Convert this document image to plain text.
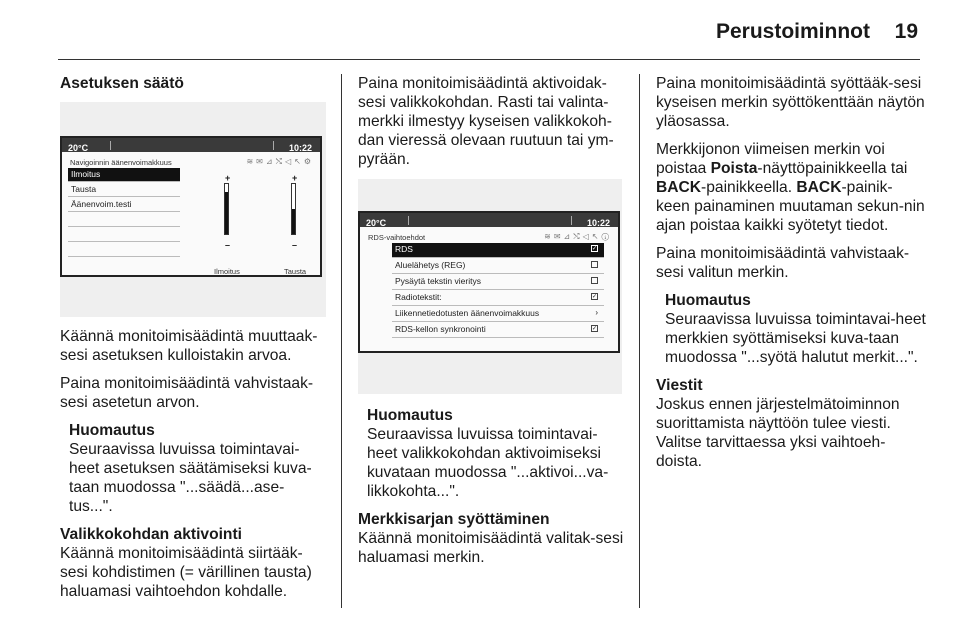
Perustoiminnot 19

Asetuksen säätö

20°C	10:22
Navigoinnin äänenvoimakkuus	≋✉⊿⤭◁↖⚙
Ilmoitus
Tausta
Äänenvoim.testi
+
–
+
–
Ilmoitus	Tausta

Käännä monitoimisäädintä muuttaak-sesi asetuksen kulloistakin arvoa.

Paina monitoimisäädintä vahvistaak-sesi asetetun arvon.

Huomautus
Seuraavissa luvuissa toimintavai-heet asetuksen säätämiseksi kuva-taan muodossa "...säädä...ase-tus...".
Valikkokohdan aktivointi

Käännä monitoimisäädintä siirtääk-sesi kohdistimen (= värillinen tausta) haluamasi vaihtoehdon kohdalle.

Paina monitoimisäädintä aktivoidak-sesi valikkokohdan. Rasti tai valinta-merkki ilmestyy kyseisen valikkokoh-dan vieressä olevaan ruutuun tai ym-pyrään.

20°C	10:22
RDS-vaihtoehdot	≋✉⊿⤭◁↖ⓘ
RDS	✓
Aluelähetys (REG)
Pysäytä tekstin vieritys
Radiotekstit:	✓
Liikennetiedotusten äänenvoimakkuus	›
RDS-kellon synkronointi	✓
Huomautus
Seuraavissa luvuissa toimintavai-heet valikkokohdan aktivoimiseksi kuvataan muodossa "...aktivoi...va-likkokohta...".
Merkkisarjan syöttäminen

Käännä monitoimisäädintä valitak-sesi haluamasi merkin.

Paina monitoimisäädintä syöttääk-sesi kyseisen merkin syöttökenttään näytön yläosassa.

Merkkijonon viimeisen merkin voi poistaa Poista-näyttöpainikkeella tai BACK-painikkeella. BACK-painik-keen painaminen muutaman sekun-nin ajan poistaa kaikki syötetyt tiedot.

Paina monitoimisäädintä vahvistaak-sesi valitun merkin.

Huomautus
Seuraavissa luvuissa toimintavai-heet merkkien syöttämiseksi kuva-taan muodossa "...syötä halutut merkit...".
Viestit

Joskus ennen järjestelmätoiminnon suorittamista näyttöön tulee viesti. Valitse tarvittaessa yksi vaihtoeh-doista.
